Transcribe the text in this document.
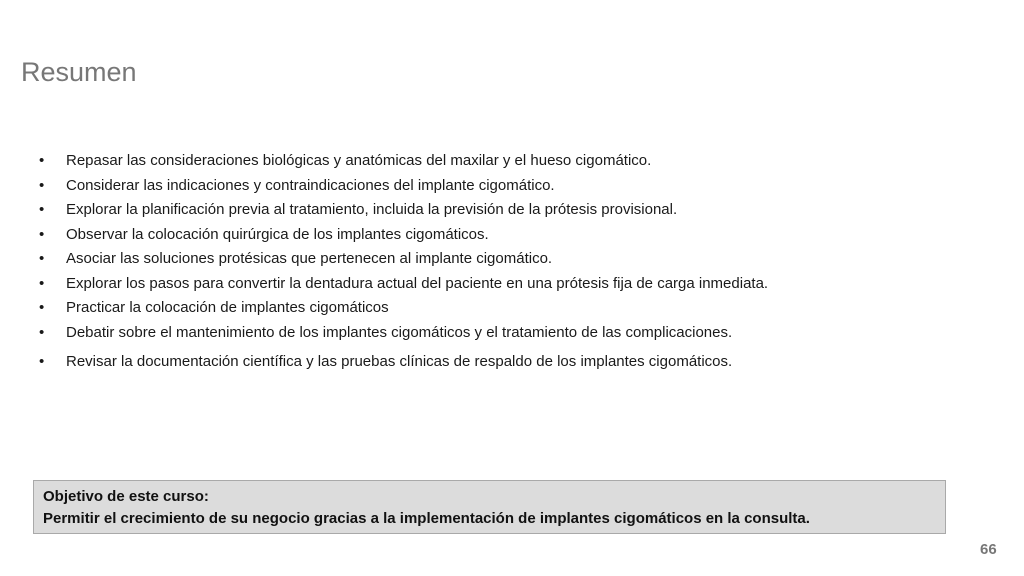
Resumen
•	Repasar las consideraciones biológicas y anatómicas del maxilar y el hueso cigomático.
•	Considerar las indicaciones y contraindicaciones del implante cigomático.
•	Explorar la planificación previa al tratamiento, incluida la previsión de la prótesis provisional.
•	Observar la colocación quirúrgica de los implantes cigomáticos.
•	Asociar las soluciones protésicas que pertenecen al implante cigomático.
•	Explorar los pasos para convertir la dentadura actual del paciente en una prótesis fija de carga inmediata.
•	Practicar la colocación de implantes cigomáticos
•	Debatir sobre el mantenimiento de los implantes cigomáticos y el tratamiento de las complicaciones.
•	Revisar la documentación científica y las pruebas clínicas de respaldo de los implantes cigomáticos.
Objetivo de este curso:
Permitir el crecimiento de su negocio gracias a la implementación de implantes cigomáticos en la consulta.
66
